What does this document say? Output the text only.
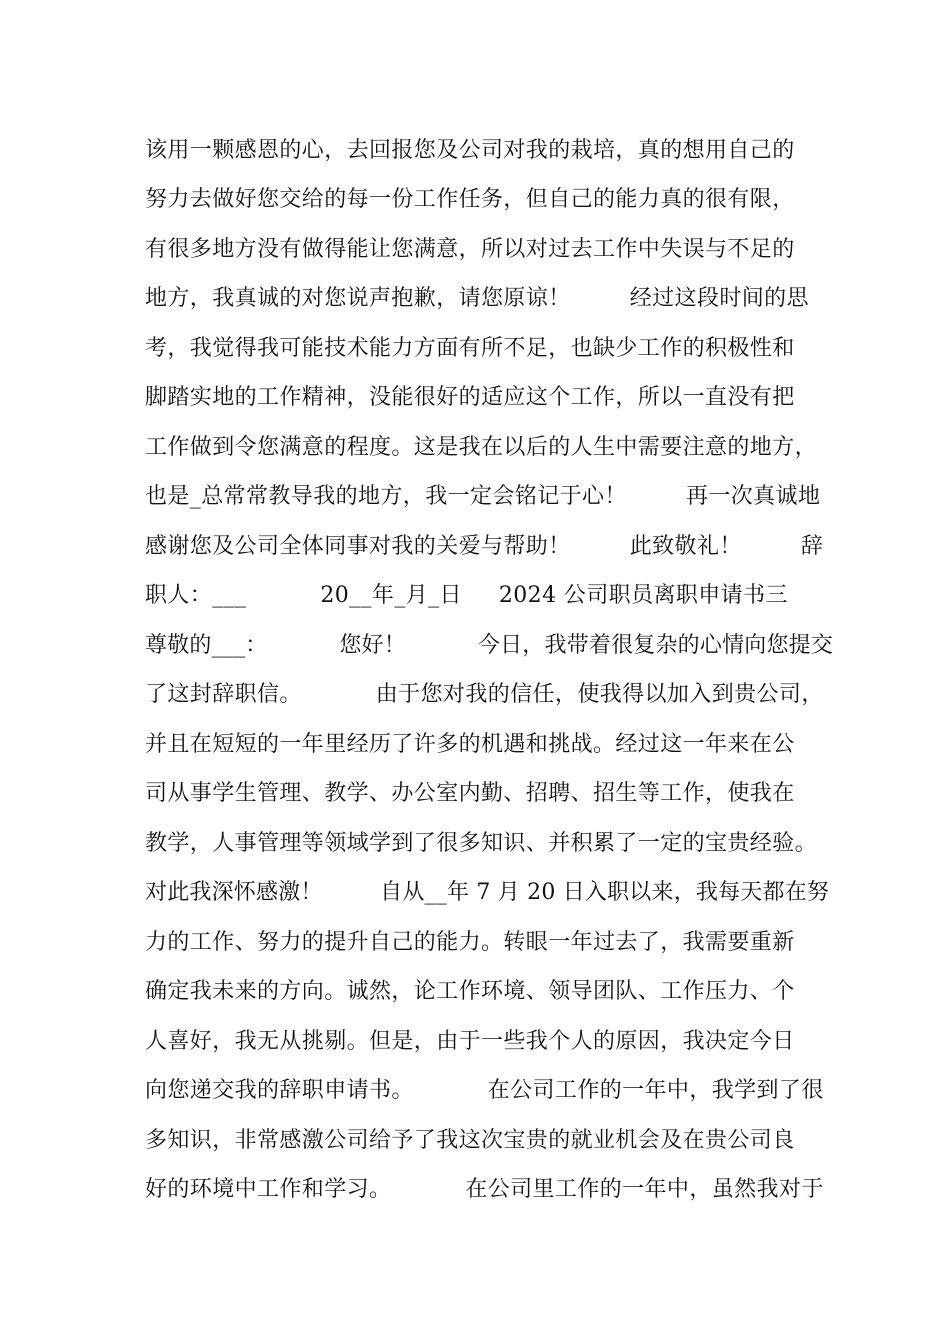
该用一颗感恩的心，去回报您及公司对我的栽培，真的想用自己的
努力去做好您交给的每一份工作任务，但自己的能力真的很有限，
有很多地方没有做得能让您满意，所以对过去工作中失误与不足的
地方，我真诚的对您说声抱歉，请您原谅！        经过这段时间的思
考，我觉得我可能技术能力方面有所不足，也缺少工作的积极性和
脚踏实地的工作精神，没能很好的适应这个工作，所以一直没有把
工作做到令您满意的程度。这是我在以后的人生中需要注意的地方，
也是_总常常教导我的地方，我一定会铭记于心！        再一次真诚地
感谢您及公司全体同事对我的关爱与帮助！        此致敬礼！        辞
职人：___          20__年_月_日     2024 公司职员离职申请书三
尊敬的___：          您好！          今日，我带着很复杂的心情向您提交
了这封辞职信。          由于您对我的信任，使我得以加入到贵公司，
并且在短短的一年里经历了许多的机遇和挑战。经过这一年来在公
司从事学生管理、教学、办公室内勤、招聘、招生等工作，使我在
教学，人事管理等领域学到了很多知识、并积累了一定的宝贵经验。
对此我深怀感激！        自从__年 7 月 20 日入职以来，我每天都在努
力的工作、努力的提升自己的能力。转眼一年过去了，我需要重新
确定我未来的方向。诚然，论工作环境、领导团队、工作压力、个
人喜好，我无从挑剔。但是，由于一些我个人的原因，我决定今日
向您递交我的辞职申请书。          在公司工作的一年中，我学到了很
多知识，非常感激公司给予了我这次宝贵的就业机会及在贵公司良
好的环境中工作和学习。          在公司里工作的一年中，虽然我对于
